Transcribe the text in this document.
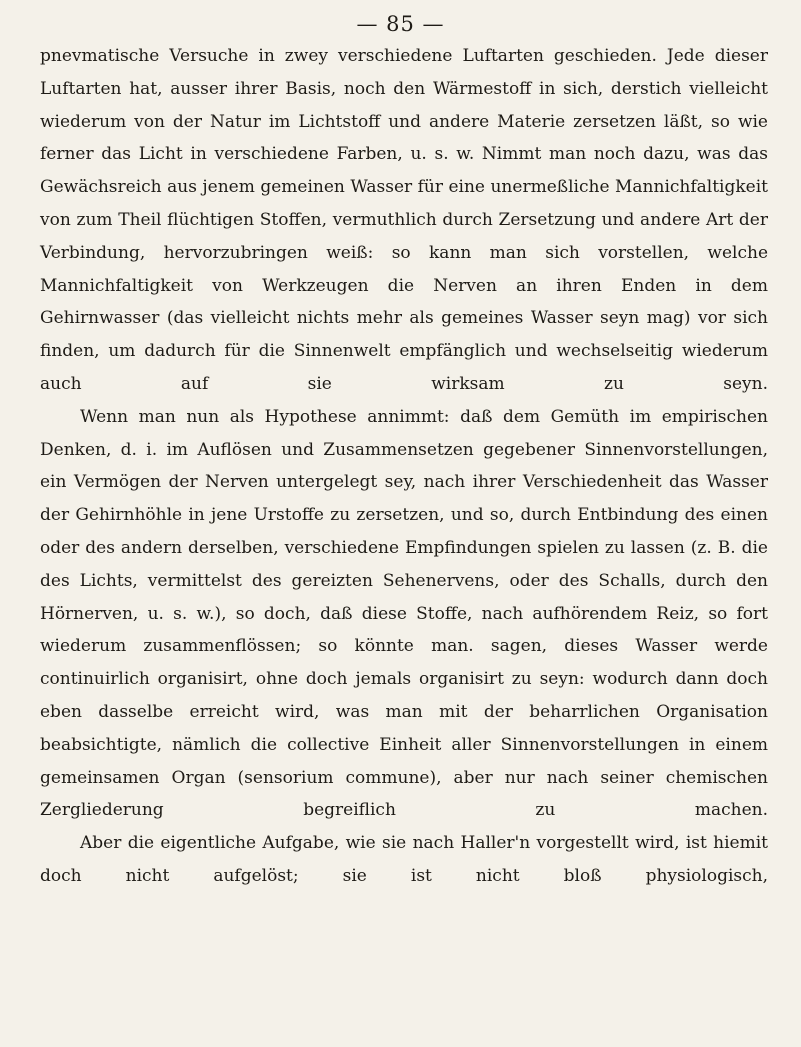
— 85 —

pnevmatische Versuche in zwey verschiedene Luftarten geschieden. Jede dieser Luftarten hat, ausser ihrer Basis, noch den Wärmestoff in sich, derstich vielleicht wiederum von der Natur im Lichtstoff und andere Materie zersetzen läßt, so wie ferner das Licht in verschiedene Farben, u. s. w. Nimmt man noch dazu, was das Gewächsreich aus jenem gemeinen Wasser für eine unermeßliche Mannichfaltigkeit von zum Theil flüchtigen Stoffen, vermuthlich durch Zersetzung und andere Art der Verbindung, hervorzubringen weiß: so kann man sich vorstellen, welche Mannichfaltigkeit von Werkzeugen die Nerven an ihren Enden in dem Gehirnwasser (das vielleicht nichts mehr als gemeines Wasser seyn mag) vor sich finden, um dadurch für die Sinnenwelt empfänglich und wechselseitig wiederum auch auf sie wirksam zu seyn.

Wenn man nun als Hypothese annimmt: daß dem Gemüth im empirischen Denken, d. i. im Auflösen und Zusammensetzen gegebener Sinnenvorstellungen, ein Vermögen der Nerven untergelegt sey, nach ihrer Verschiedenheit das Wasser der Gehirnhöhle in jene Urstoffe zu zersetzen, und so, durch Entbindung des einen oder des andern derselben, verschiedene Empfindungen spielen zu lassen (z. B. die des Lichts, vermittelst des gereizten Sehenervens, oder des Schalls, durch den Hörnerven, u. s. w.), so doch, daß diese Stoffe, nach aufhörendem Reiz, so fort wiederum zusammenflössen; so könnte man. sagen, dieses Wasser werde continuirlich organisirt, ohne doch jemals organisirt zu seyn: wodurch dann doch eben dasselbe erreicht wird, was man mit der beharrlichen Organisation beabsichtigte, nämlich die collective Einheit aller Sinnenvorstellungen in einem gemeinsamen Organ (sensorium commune), aber nur nach seiner chemischen Zergliederung begreiflich zu machen.

Aber die eigentliche Aufgabe, wie sie nach Haller'n vorgestellt wird, ist hiemit doch nicht aufgelöst; sie ist nicht bloß physiologisch,
